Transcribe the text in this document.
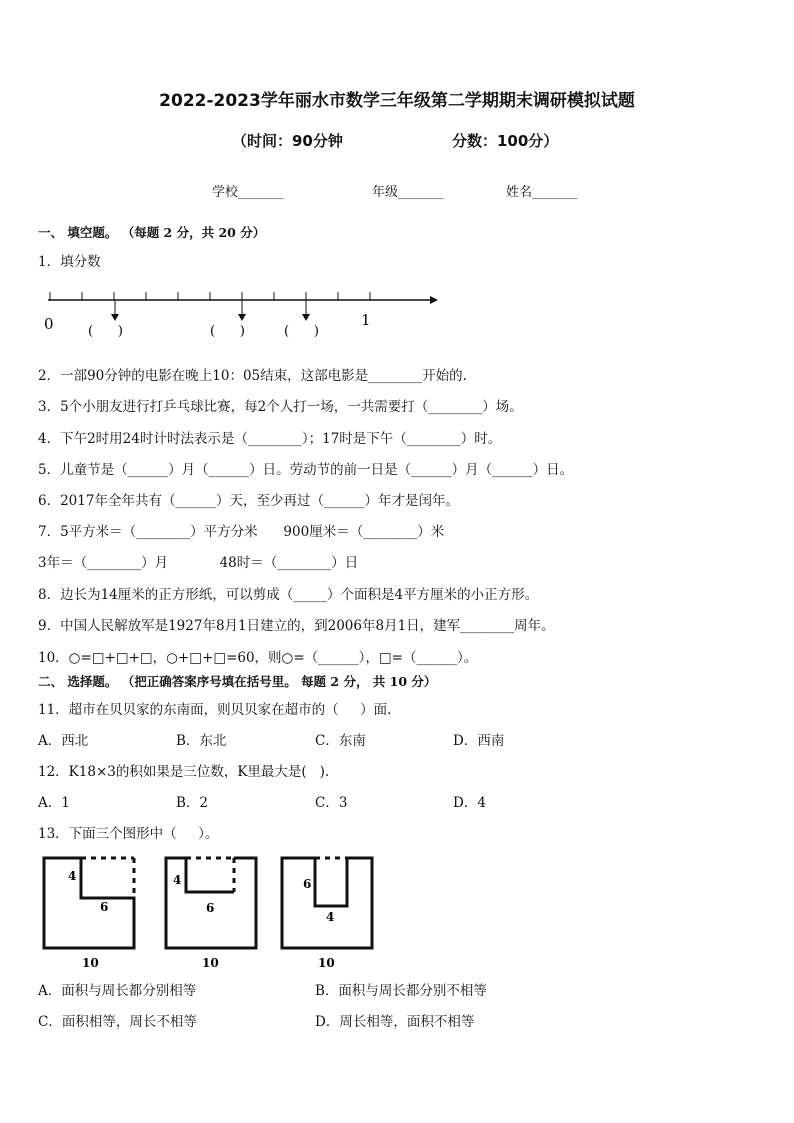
2022-2023学年丽水市数学三年级第二学期期末调研模拟试题
（时间：90分钟	分数：100分）
学校_______	年级_______	姓名_______
一、 填空题。 （每题 2 分，共 20 分）
1．填分数
0	1
(      )	(      )	(      )
2．一部90分钟的电影在晚上10：05结束，这部电影是________开始的.
3．5个小朋友进行打乒乓球比赛，每2个人打一场，一共需要打（________）场。
4．下午2时用24时计时法表示是（________）；17时是下午（________）时。
5．儿童节是（______）月（______）日。劳动节的前一日是（______）月（______）日。
6．2017年全年共有（______）天，至少再过（______）年才是闰年。
7．5平方米＝（________）平方分米      900厘米＝（________）米
3年＝（________）月            48时＝（________）日
8．边长为14厘米的正方形纸，可以剪成（_____）个面积是4平方厘米的小正方形。
9．中国人民解放军是1927年8月1日建立的，到2006年8月1日，建军________周年。
10．○=□+□+□，○+□+□=60，则○=（______），□=（______）。
二、 选择题。 （把正确答案序号填在括号里。 每题 2 分， 共 10 分）
11．超市在贝贝家的东南面，则贝贝家在超市的（     ）面.
A．西北	B．东北	C．东南	D．西南
12．K18×3的积如果是三位数，K里最大是(   ).
A．1	B．2	C．3	D．4
13．下面三个图形中（     ）。
4
6
10
4
6
10
6
4
10
A．面积与周长都分别相等	B．面积与周长都分别不相等
C．面积相等，周长不相等	D．周长相等，面积不相等
